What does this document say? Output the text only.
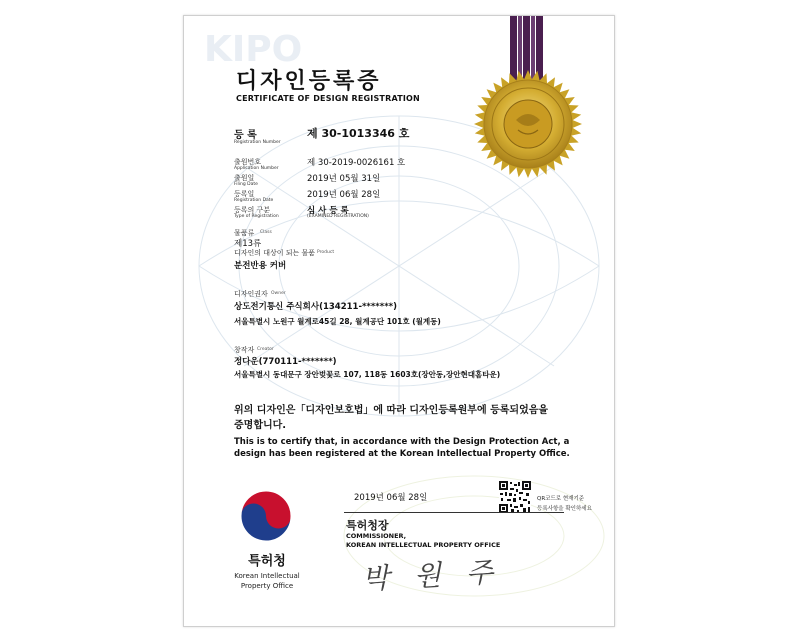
KIPO
디자인등록증
CERTIFICATE OF DESIGN REGISTRATION
등 록
Registration Number
제 30-1013346 호
출원번호
Application Number
제 30-2019-0026161 호
출원일
Filing Date
2019년 05월 31일
등록일
Registration Date
2019년 06월 28일
등록의 구분
Type of Registration
심 사 등 록
(EXAMINED REGISTRATION)
물품류 Class
제13류
디자인의 대상이 되는 물품 Product
분전반용 커버
디자인권자 Owner
상도전기통신 주식회사(134211-*******)
서울특별시 노원구 월계로45길 28, 월계공단 101호 (월계동)
창작자 Creator
정다운(770111-*******)
서울특별시 동대문구 장안벚꽃로 107, 118동 1603호(장안동,장안현대홈타운)
위의 디자인은「디자인보호법」에 따라 디자인등록원부에 등록되었음을
증명합니다.
This is to certify that, in accordance with the Design Protection Act, a design has been registered at the Korean Intellectual Property Office.
2019년 06월 28일	QR코드로 현재기준
등록사항을 확인하세요
특허청
Korean Intellectual
Property Office
특허청장
COMMISSIONER,
KOREAN INTELLECTUAL PROPERTY OFFICE
박 원 주
